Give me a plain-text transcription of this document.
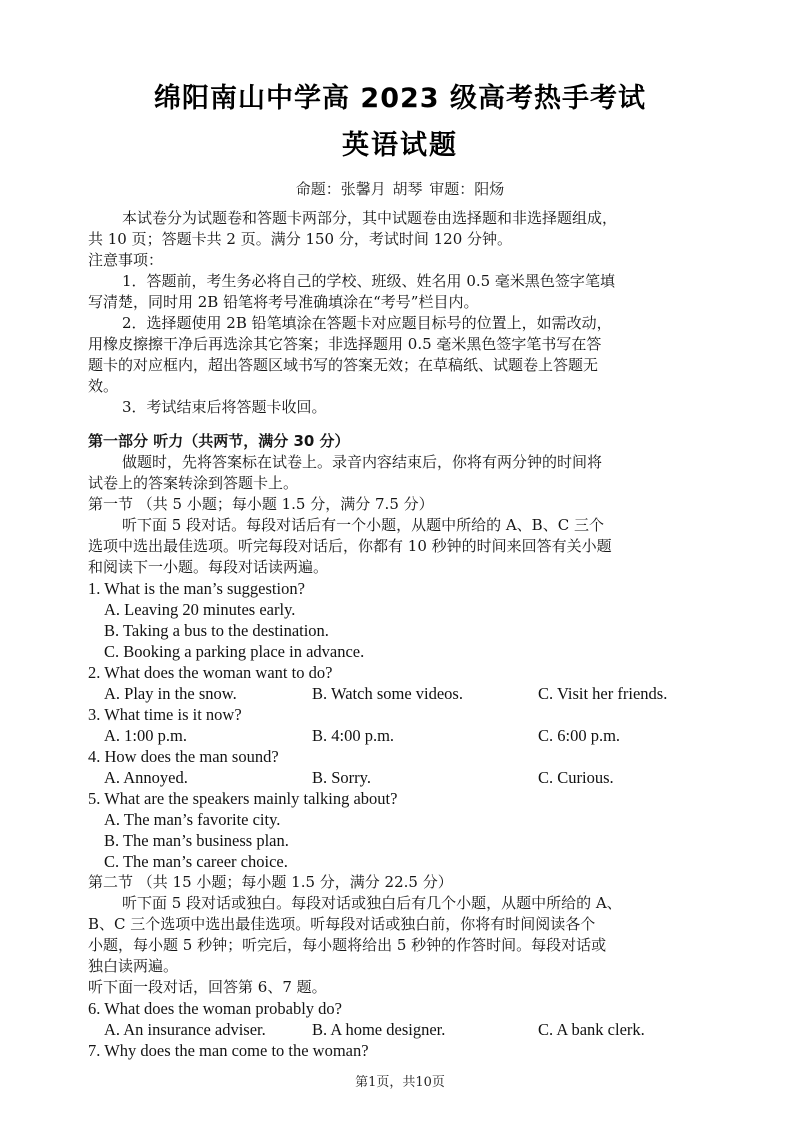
绵阳南山中学高 2023 级高考热手考试
英语试题
命题：张馨月 胡琴 审题：阳炀
本试卷分为试题卷和答题卡两部分，其中试题卷由选择题和非选择题组成，
共 10 页；答题卡共 2 页。满分 150 分，考试时间 120 分钟。
注意事项：
1．答题前，考生务必将自己的学校、班级、姓名用 0.5 毫米黑色签字笔填
写清楚，同时用 2B 铅笔将考号准确填涂在“考号”栏目内。
2．选择题使用 2B 铅笔填涂在答题卡对应题目标号的位置上，如需改动，
用橡皮擦擦干净后再选涂其它答案；非选择题用 0.5 毫米黑色签字笔书写在答
题卡的对应框内，超出答题区域书写的答案无效；在草稿纸、试题卷上答题无
效。
3．考试结束后将答题卡收回。
第一部分 听力（共两节，满分 30 分）
做题时，先将答案标在试卷上。录音内容结束后，你将有两分钟的时间将
试卷上的答案转涂到答题卡上。
第一节 （共 5 小题；每小题 1.5 分，满分 7.5 分）
听下面 5 段对话。每段对话后有一个小题，从题中所给的 A、B、C 三个
选项中选出最佳选项。听完每段对话后，你都有 10 秒钟的时间来回答有关小题
和阅读下一小题。每段对话读两遍。
1. What is the man’s suggestion?
A. Leaving 20 minutes early.
B. Taking a bus to the destination.
C. Booking a parking place in advance.
2. What does the woman want to do?
A. Play in the snow.	B. Watch some videos.	C. Visit her friends.
3. What time is it now?
A. 1:00 p.m.	B. 4:00 p.m.	C. 6:00 p.m.
4. How does the man sound?
A. Annoyed.	B. Sorry.	C. Curious.
5. What are the speakers mainly talking about?
A. The man’s favorite city.
B. The man’s business plan.
C. The man’s career choice.
第二节 （共 15 小题；每小题 1.5 分，满分 22.5 分）
听下面 5 段对话或独白。每段对话或独白后有几个小题，从题中所给的 A、
B、C 三个选项中选出最佳选项。听每段对话或独白前，你将有时间阅读各个
小题，每小题 5 秒钟；听完后，每小题将给出 5 秒钟的作答时间。每段对话或
独白读两遍。
听下面一段对话，回答第 6、7 题。
6. What does the woman probably do?
A. An insurance adviser.	B. A home designer.	C. A bank clerk.
7. Why does the man come to the woman?
第1页，共10页
